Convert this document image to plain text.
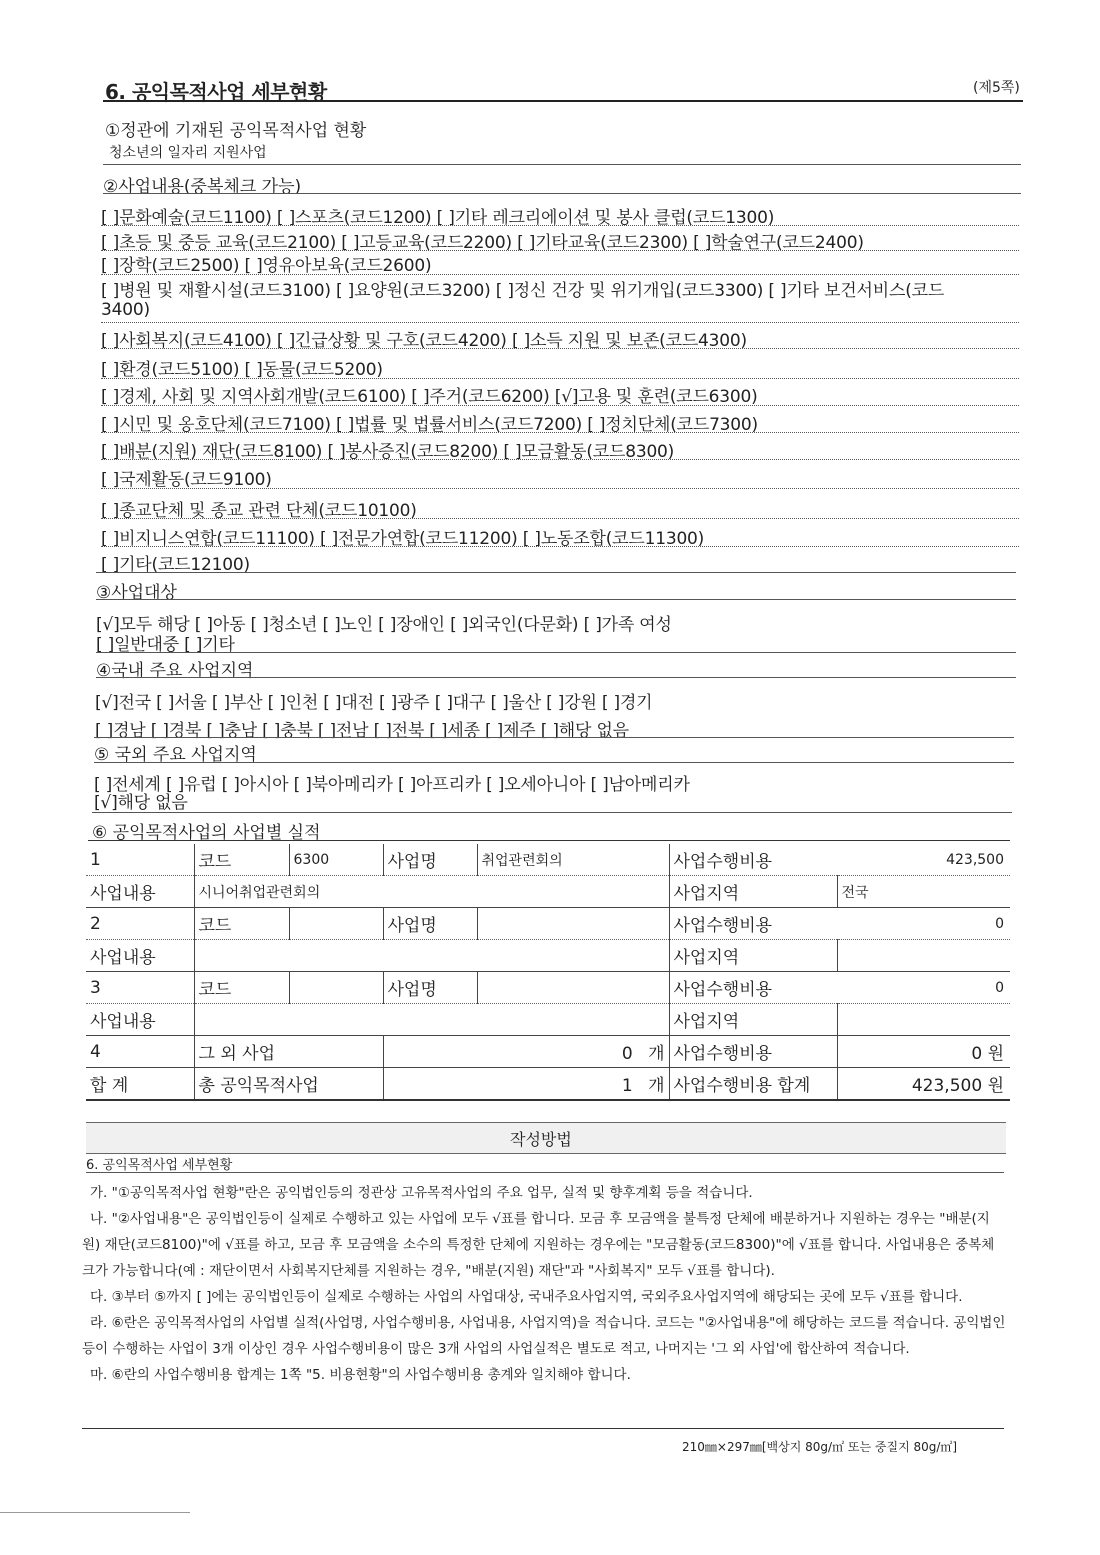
6. 공익목적사업 세부현황	(제5쪽)
①정관에 기재된 공익목적사업 현황
청소년의 일자리 지원사업
②사업내용(중복체크 가능)
[ ]문화예술(코드1100) [ ]스포츠(코드1200) [ ]기타 레크리에이션 및 봉사 클럽(코드1300)
[ ]초등 및 중등 교육(코드2100) [ ]고등교육(코드2200) [ ]기타교육(코드2300) [ ]학술연구(코드2400)
[ ]장학(코드2500) [ ]영유아보육(코드2600)
[ ]병원 및 재활시설(코드3100) [ ]요양원(코드3200) [ ]정신 건강 및 위기개입(코드3300) [ ]기타 보건서비스(코드
3400)
[ ]사회복지(코드4100) [ ]긴급상황 및 구호(코드4200) [ ]소득 지원 및 보존(코드4300)
[ ]환경(코드5100) [ ]동물(코드5200)
[ ]경제, 사회 및 지역사회개발(코드6100) [ ]주거(코드6200) [√]고용 및 훈련(코드6300)
[ ]시민 및 옹호단체(코드7100) [ ]법률 및 법률서비스(코드7200) [ ]정치단체(코드7300)
[ ]배분(지원) 재단(코드8100) [ ]봉사증진(코드8200) [ ]모금활동(코드8300)
[ ]국제활동(코드9100)
[ ]종교단체 및 종교 관련 단체(코드10100)
[ ]비지니스연합(코드11100) [ ]전문가연합(코드11200) [ ]노동조합(코드11300)
[ ]기타(코드12100)
③사업대상
[√]모두 해당 [ ]아동 [ ]청소년 [ ]노인 [ ]장애인 [ ]외국인(다문화) [ ]가족 여성
[ ]일반대중 [ ]기타
④국내 주요 사업지역
[√]전국 [ ]서울 [ ]부산 [ ]인천 [ ]대전 [ ]광주 [ ]대구 [ ]울산 [ ]강원 [ ]경기
[ ]경남 [ ]경북 [ ]충남 [ ]충북 [ ]전남 [ ]전북 [ ]세종 [ ]제주 [ ]해당 없음
⑤ 국외 주요 사업지역
[ ]전세계 [ ]유럽 [ ]아시아 [ ]북아메리카 [ ]아프리카 [ ]오세아니아 [ ]남아메리카
[√]해당 없음
⑥ 공익목적사업의 사업별 실적
1	코드	6300	사업명	취업관련회의	사업수행비용	423,500
사업내용	시니어취업관련회의				사업지역	전국
2	코드		사업명		사업수행비용	0
사업내용					사업지역	
3	코드		사업명		사업수행비용	0
사업내용					사업지역	
4	그 외 사업		0 개		사업수행비용	0 원
합 계	총 공익목적사업		1 개		사업수행비용 합계	423,500 원
작성방법
6. 공익목적사업 세부현황
가. "①공익목적사업 현황"란은 공익법인등의 정관상 고유목적사업의 주요 업무, 실적 및 향후계획 등을 적습니다.
나. "②사업내용"은 공익법인등이 실제로 수행하고 있는 사업에 모두 √표를 합니다. 모금 후 모금액을 불특정 단체에 배분하거나 지원하는 경우는 "배분(지원) 재단(코드8100)"에 √표를 하고, 모금 후 모금액을 소수의 특정한 단체에 지원하는 경우에는 "모금활동(코드8300)"에 √표를 합니다. 사업내용은 중복체크가 가능합니다(예 : 재단이면서 사회복지단체를 지원하는 경우, "배분(지원) 재단"과 "사회복지" 모두 √표를 합니다).
다. ③부터 ⑤까지 [ ]에는 공익법인등이 실제로 수행하는 사업의 사업대상, 국내주요사업지역, 국외주요사업지역에 해당되는 곳에 모두 √표를 합니다.
라. ⑥란은 공익목적사업의 사업별 실적(사업명, 사업수행비용, 사업내용, 사업지역)을 적습니다. 코드는 "②사업내용"에 해당하는 코드를 적습니다. 공익법인등이 수행하는 사업이 3개 이상인 경우 사업수행비용이 많은 3개 사업의 사업실적은 별도로 적고, 나머지는 '그 외 사업'에 합산하여 적습니다.
마. ⑥란의 사업수행비용 합계는 1쪽 "5. 비용현황"의 사업수행비용 총계와 일치해야 합니다.
210㎜×297㎜[백상지 80g/㎡ 또는 중질지 80g/㎡]
